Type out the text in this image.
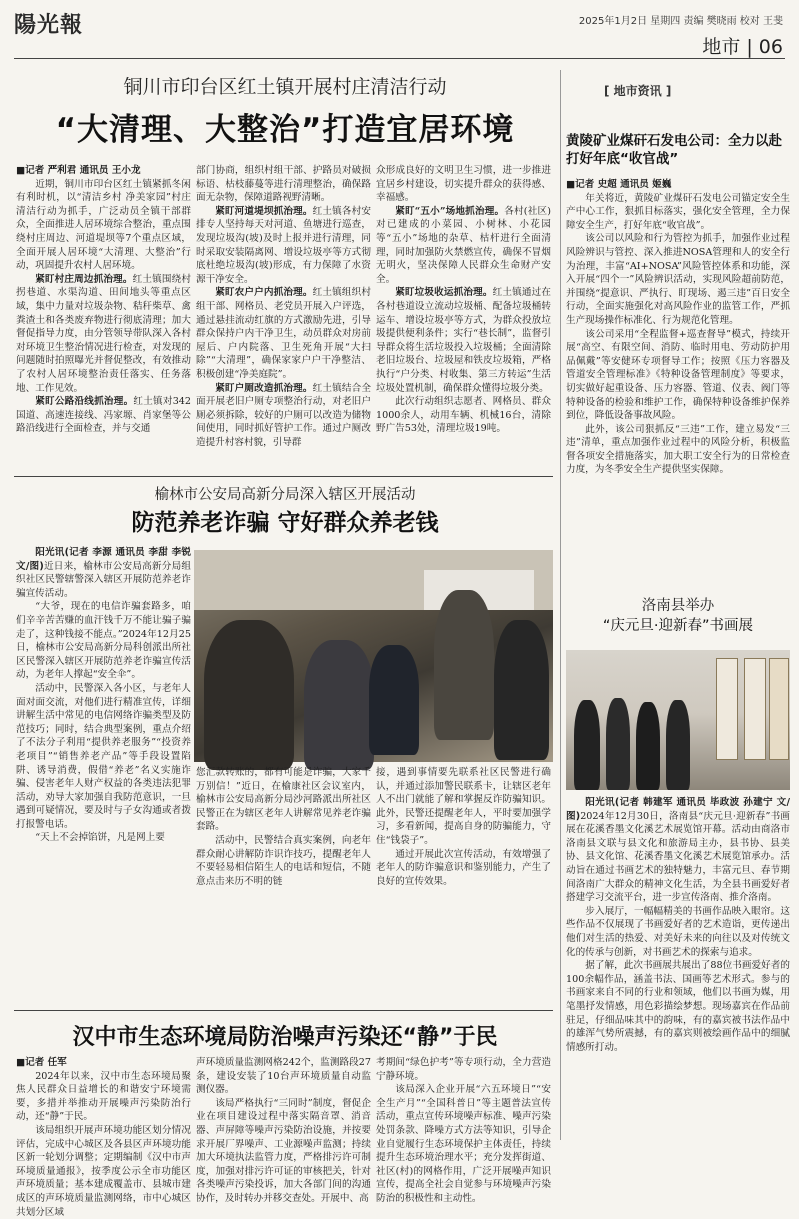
陽光報	2025年1月2日 星期四 责编 樊晓雨 校对 王斐
地市 | 06
铜川市印台区红土镇开展村庄清洁行动
“大清理、大整治”打造宜居环境
■记者 严利君 通讯员 王小龙

近期，铜川市印台区红土镇紧抓冬闲有利时机，以“清洁乡村 净美家园”村庄清洁行动为抓手，广泛动员全镇干部群众，全面推进人居环境综合整治，重点围绕村庄周边、河道堤坝等7个重点区域，全面开展人居环境“大清理、大整治”行动，巩固提升农村人居环境。

紧盯村庄周边抓治理。红土镇围绕村拐巷道、水渠沟道、田间地头等重点区域，集中力量对垃圾杂物、秸秆柴草、禽粪渣土和各类废弃物进行彻底清理；加大督促指导力度，由分管领导带队深入各村对环境卫生整治情况进行检查，对发现的问题随时拍照曝光并督促整改，有效推动了农村人居环境整治责任落实、任务落地、工作见效。

紧盯公路沿线抓治理。红土镇对342国道、高速连接线、冯家塬、肖家堡等公路沿线进行全面检查，并与交通

部门协商，组织村组干部、护路员对破损标语、枯枝藤蔓等进行清理整治，确保路面无杂物，保障道路视野清晰。

紧盯河道堤坝抓治理。红土镇各村安排专人坚持每天对河道、鱼塘进行巡查，发现垃圾沟(坡)及时上报并进行清理，同时采取安装隔离网、增设垃圾亭等方式彻底杜绝垃圾沟(坡)形成，有力保障了水资源干净安全。

紧盯农户户内抓治理。红土镇组织村组干部、网格员、老党员开展入户评选，通过悬挂流动红旗的方式激励先进，引导群众保持户内干净卫生，动员群众对房前屋后、户内院落、卫生死角开展“大扫除”“大清理”，确保家家户户干净整洁、积极创建“净美庭院”。

紧盯户厕改造抓治理。红土镇结合全面开展老旧户厕专项整治行动，对老旧户厕必须拆除，较好的户厕可以改造为储物间使用，同时抓好管护工作。通过户厕改造提升村容村貌，引导群

众形成良好的文明卫生习惯，进一步推进宜居乡村建设，切实提升群众的获得感、幸福感。

紧盯“五小”场地抓治理。各村(社区)对已建成的小菜园、小树林、小花园等“五小”场地的杂草、枯杆进行全面清理，同时加强防火禁燃宣传，确保不冒烟无明火，坚决保障人民群众生命财产安全。

紧盯垃圾收运抓治理。红土镇通过在各村巷道设立流动垃圾桶、配备垃圾桶转运车、增设垃圾亭等方式，为群众投放垃圾提供便利条件；实行“巷长制”，监督引导群众将生活垃圾投入垃圾桶；全面清除老旧垃圾台、垃圾屋和铁皮垃圾箱，严格执行“户分类、村收集、第三方转运”生活垃圾处置机制，确保群众懂得垃圾分类。

此次行动组织志愿者、网格员、群众1000余人，动用车辆、机械16台，清除野广告53处，清理垃圾19吨。

[ 地市资讯 ]
黄陵矿业煤矸石发电公司：全力以赴打好年底“收官战”
■记者 史超 通讯员 姬巍

年关将近，黄陵矿业煤矸石发电公司锚定安全生产中心工作，狠抓目标落实，强化安全管理，全力保障安全生产，打好年底“收官战”。

该公司以风险和行为管控为抓手，加强作业过程风险辨识与管控、深入推进NOSA管理和人的安全行为治理，丰富“AI+NOSA”风险管控体系和功能，深入开展“四个一”风险辨识活动，实现风险超前防范，并围绕“提意识、严执行、盯现场、遏三违”百日安全行动，全面实施强化对高风险作业的监管工作，严抓生产现场操作标准化、行为规范化管理。

该公司采用“全程监督+巡查督导”模式，持续开展“高空、有限空间、消防、临时用电、劳动防护用品佩戴”等安健环专项督导工作；按照《压力容器及管道安全管理标准》《特种设备管理制度》等要求，切实做好起重设备、压力容器、管道、仪表、阀门等特种设备的检验和维护工作，确保特种设备维护保养到位，降低设备事故风险。

此外，该公司狠抓反“三违”工作，建立易发“三违”清单，重点加强作业过程中的风险分析，积极监督各项安全措施落实，加大职工安全行为的日常检查力度，为冬季安全生产提供坚实保障。

榆林市公安局高新分局深入辖区开展活动
防范养老诈骗 守好群众养老钱

阳光讯(记者 李源 通讯员 李甜 李锐 文/图)近日来，榆林市公安局高新分局组织社区民警辖警深入辖区开展防范养老诈骗宣传活动。

“大爷，现在的电信诈骗套路多，咱们辛辛苦苦赚的血汗钱千万不能让骗子骗走了，这种钱接不能点。”2024年12月25日，榆林市公安局高新分局科创派出所社区民警深入辖区开展防范养老诈骗宣传活动，为老年人撑起“安全伞”。

活动中，民警深入各小区，与老年人面对面交流，对他们进行精准宣传，详细讲解生活中常见的电信网络诈骗类型及防范技巧；同时，结合典型案例，重点介绍了不法分子利用“提供养老服务”“投资养老项目”“销售养老产品”等手段设置陷阱、诱导消费，假借“养老”名义实施诈骗、侵害老年人财产权益的各类违法犯罪活动，劝导大家加强自我防范意识，一旦遇到可疑情况，要及时与子女沟通或者拨打报警电话。

“天上不会掉馅饼，凡是网上要

您汇款转账的，都有可能是诈骗，大家千万别信！”近日，在榆康社区会议室内，榆林市公安局高新分局沙河路派出所社区民警正在为辖区老年人讲解常见养老诈骗套路。

活动中，民警结合真实案例，向老年群众耐心讲解防诈识诈技巧，提醒老年人不要轻易相信陌生人的电话和短信，不随意点击来历不明的链

接，遇到事情要先联系社区民警进行确认，并通过添加警民联系卡，让辖区老年人不出门就能了解和掌握反诈防骗知识。此外，民警还提醒老年人，平时要加强学习，多看新闻，提高自身的防骗能力，守住“钱袋子”。

通过开展此次宣传活动，有效增强了老年人的防诈骗意识和鉴别能力，产生了良好的宣传效果。

洛南县举办
“庆元旦·迎新春”书画展

阳光讯(记者 韩建军 通讯员 毕政波 孙建宁 文/图)2024年12月30日，洛南县“庆元旦·迎新春”书画展在花溪香墨文化溪艺术展览馆开幕。活动由商洛市洛南县文联与县文化和旅游局主办，县书协、县美协、县文化馆、花溪香墨文化溪艺术展览馆承办。活动旨在通过书画艺术的独特魅力，丰富元旦、春节期间洛南广大群众的精神文化生活，为全县书画爱好者搭建学习交流平台，进一步宣传洛南、推介洛南。

步入展厅，一幅幅精美的书画作品映入眼帘。这些作品不仅展现了书画爱好者的艺术造诣，更传递出他们对生活的热爱、对美好未来的向往以及对传统文化的传承与创新，对书画艺术的探索与追求。

据了解，此次书画展共展出了88位书画爱好者的100余幅作品，涵盖书法、国画等艺术形式。参与的书画家来自不同的行业和领域，他们以书画为媒，用笔墨抒发情感，用色彩描绘梦想。现场嘉宾在作品前驻足，仔细品味其中的韵味，有的嘉宾被书法作品中的雄浑气势所震撼，有的嘉宾则被绘画作品中的细腻情感所打动。

汉中市生态环境局防治噪声污染还“静”于民
■记者 任军

2024年以来，汉中市生态环境局聚焦人民群众日益增长的和谐安宁环境需要，多措并举推动开展噪声污染防治行动，还“静”于民。

该局组织开展声环境功能区划分情况评估，完成中心城区及各县区声环境功能区新一轮划分调整；定期编制《汉中市声环境质量通报》，按季度公示全市功能区声环境质量；基本建成覆盖市、县城市建成区的声环境质量监测网络，市中心城区共划分区域

声环境质量监测网格242个，监测路段27条，建设安装了10台声环境质量自动监测仪器。

该局严格执行“三同时”制度，督促企业在项目建设过程中落实隔音罩、消音器、声屏障等噪声污染防治设施，并按要求开展厂界噪声、工业源噪声监测；持续加大环境执法监管力度，严格排污许可制度，加强对排污许可证的审核把关，针对各类噪声污染投诉，加大各部门间的沟通协作，及时转办并移交查处。开展中、高

考期间“绿色护考”等专项行动，全力营造宁静环境。

该局深入企业开展“六五环境日”“安全生产月”“全国科普日”等主题普法宣传活动，重点宣传环境噪声标准、噪声污染处罚条款、降噪方式方法等知识，引导企业自觉履行生态环境保护主体责任，持续提升生态环境治理水平；充分发挥街道、社区(村)的网格作用，广泛开展噪声知识宣传，提高全社会自觉参与环境噪声污染防治的积极性和主动性。
